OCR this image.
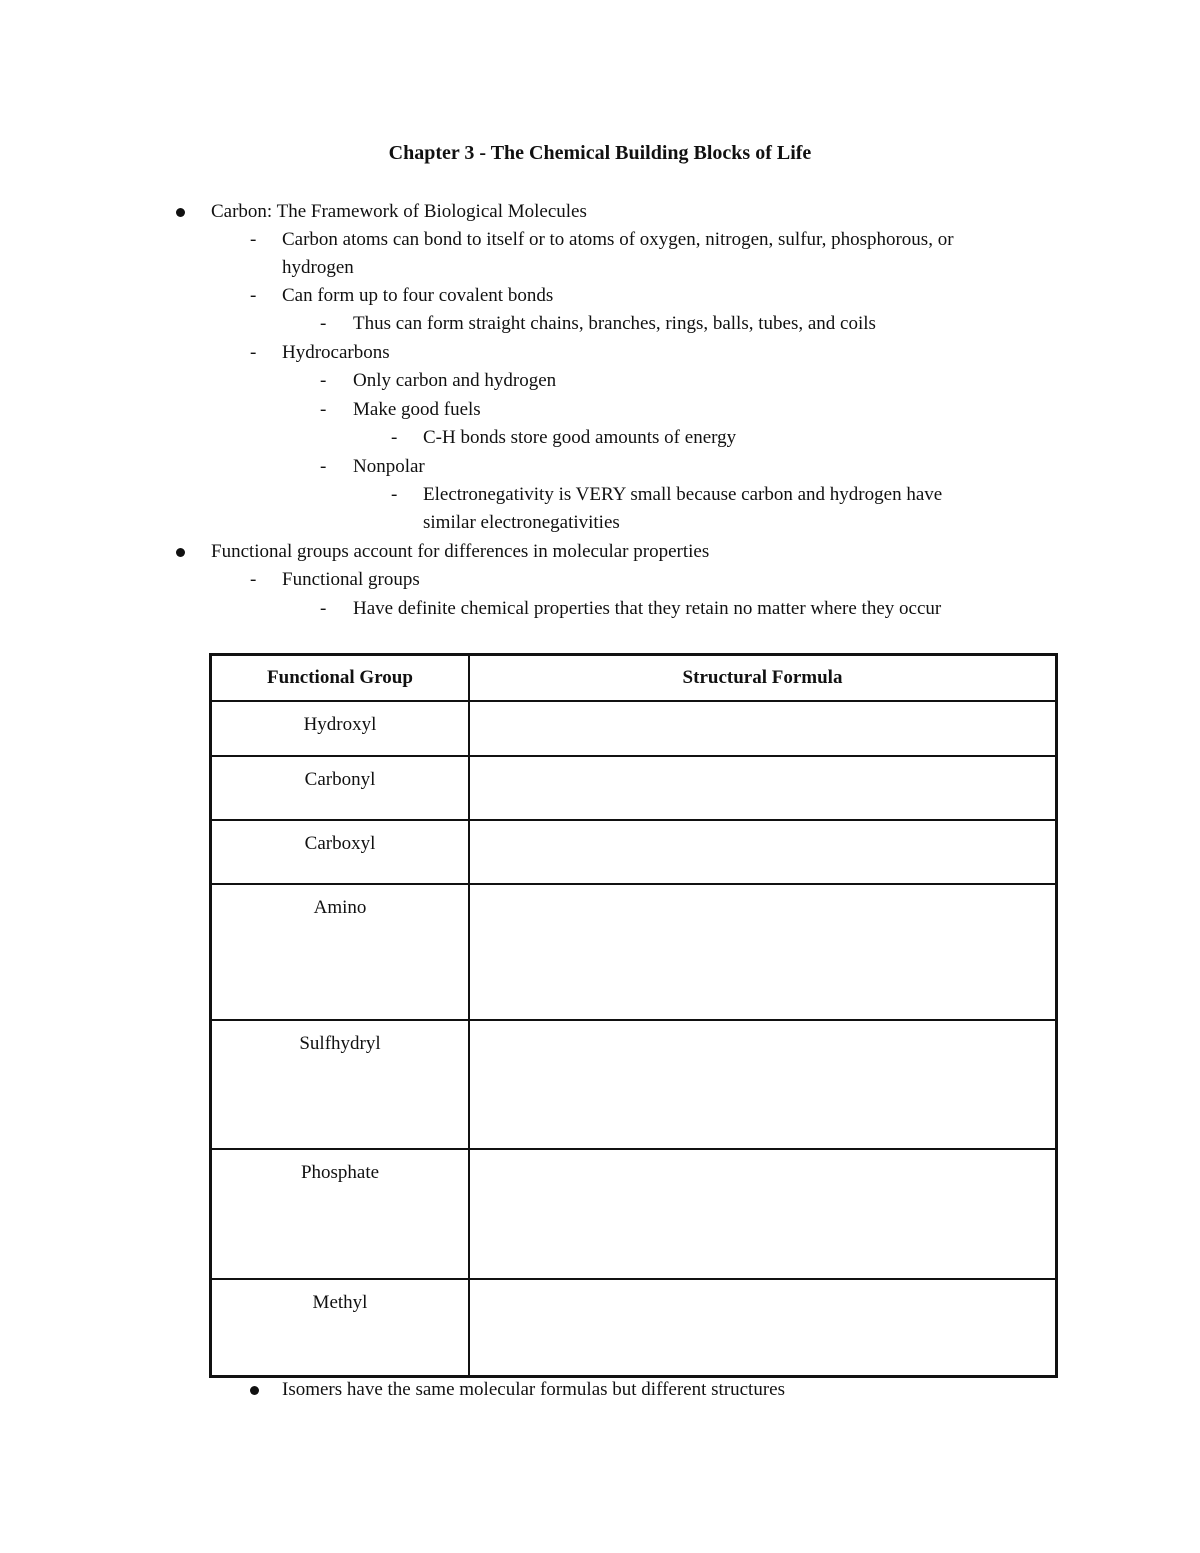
Chapter 3 - The Chemical Building Blocks of Life
Carbon: The Framework of Biological Molecules
- Carbon atoms can bond to itself or to atoms of oxygen, nitrogen, sulfur, phosphorous, or
hydrogen
- Can form up to four covalent bonds
- Thus can form straight chains, branches, rings, balls, tubes, and coils
- Hydrocarbons
- Only carbon and hydrogen
- Make good fuels
- C-H bonds store good amounts of energy
- Nonpolar
- Electronegativity is VERY small because carbon and hydrogen have
similar electronegativities
Functional groups account for differences in molecular properties
- Functional groups
- Have definite chemical properties that they retain no matter where they occur
Functional Group	Structural Formula
Hydroxyl	
Carbonyl	
Carboxyl	
Amino	
Sulfhydryl	
Phosphate	
Methyl	
Isomers have the same molecular formulas but different structures
